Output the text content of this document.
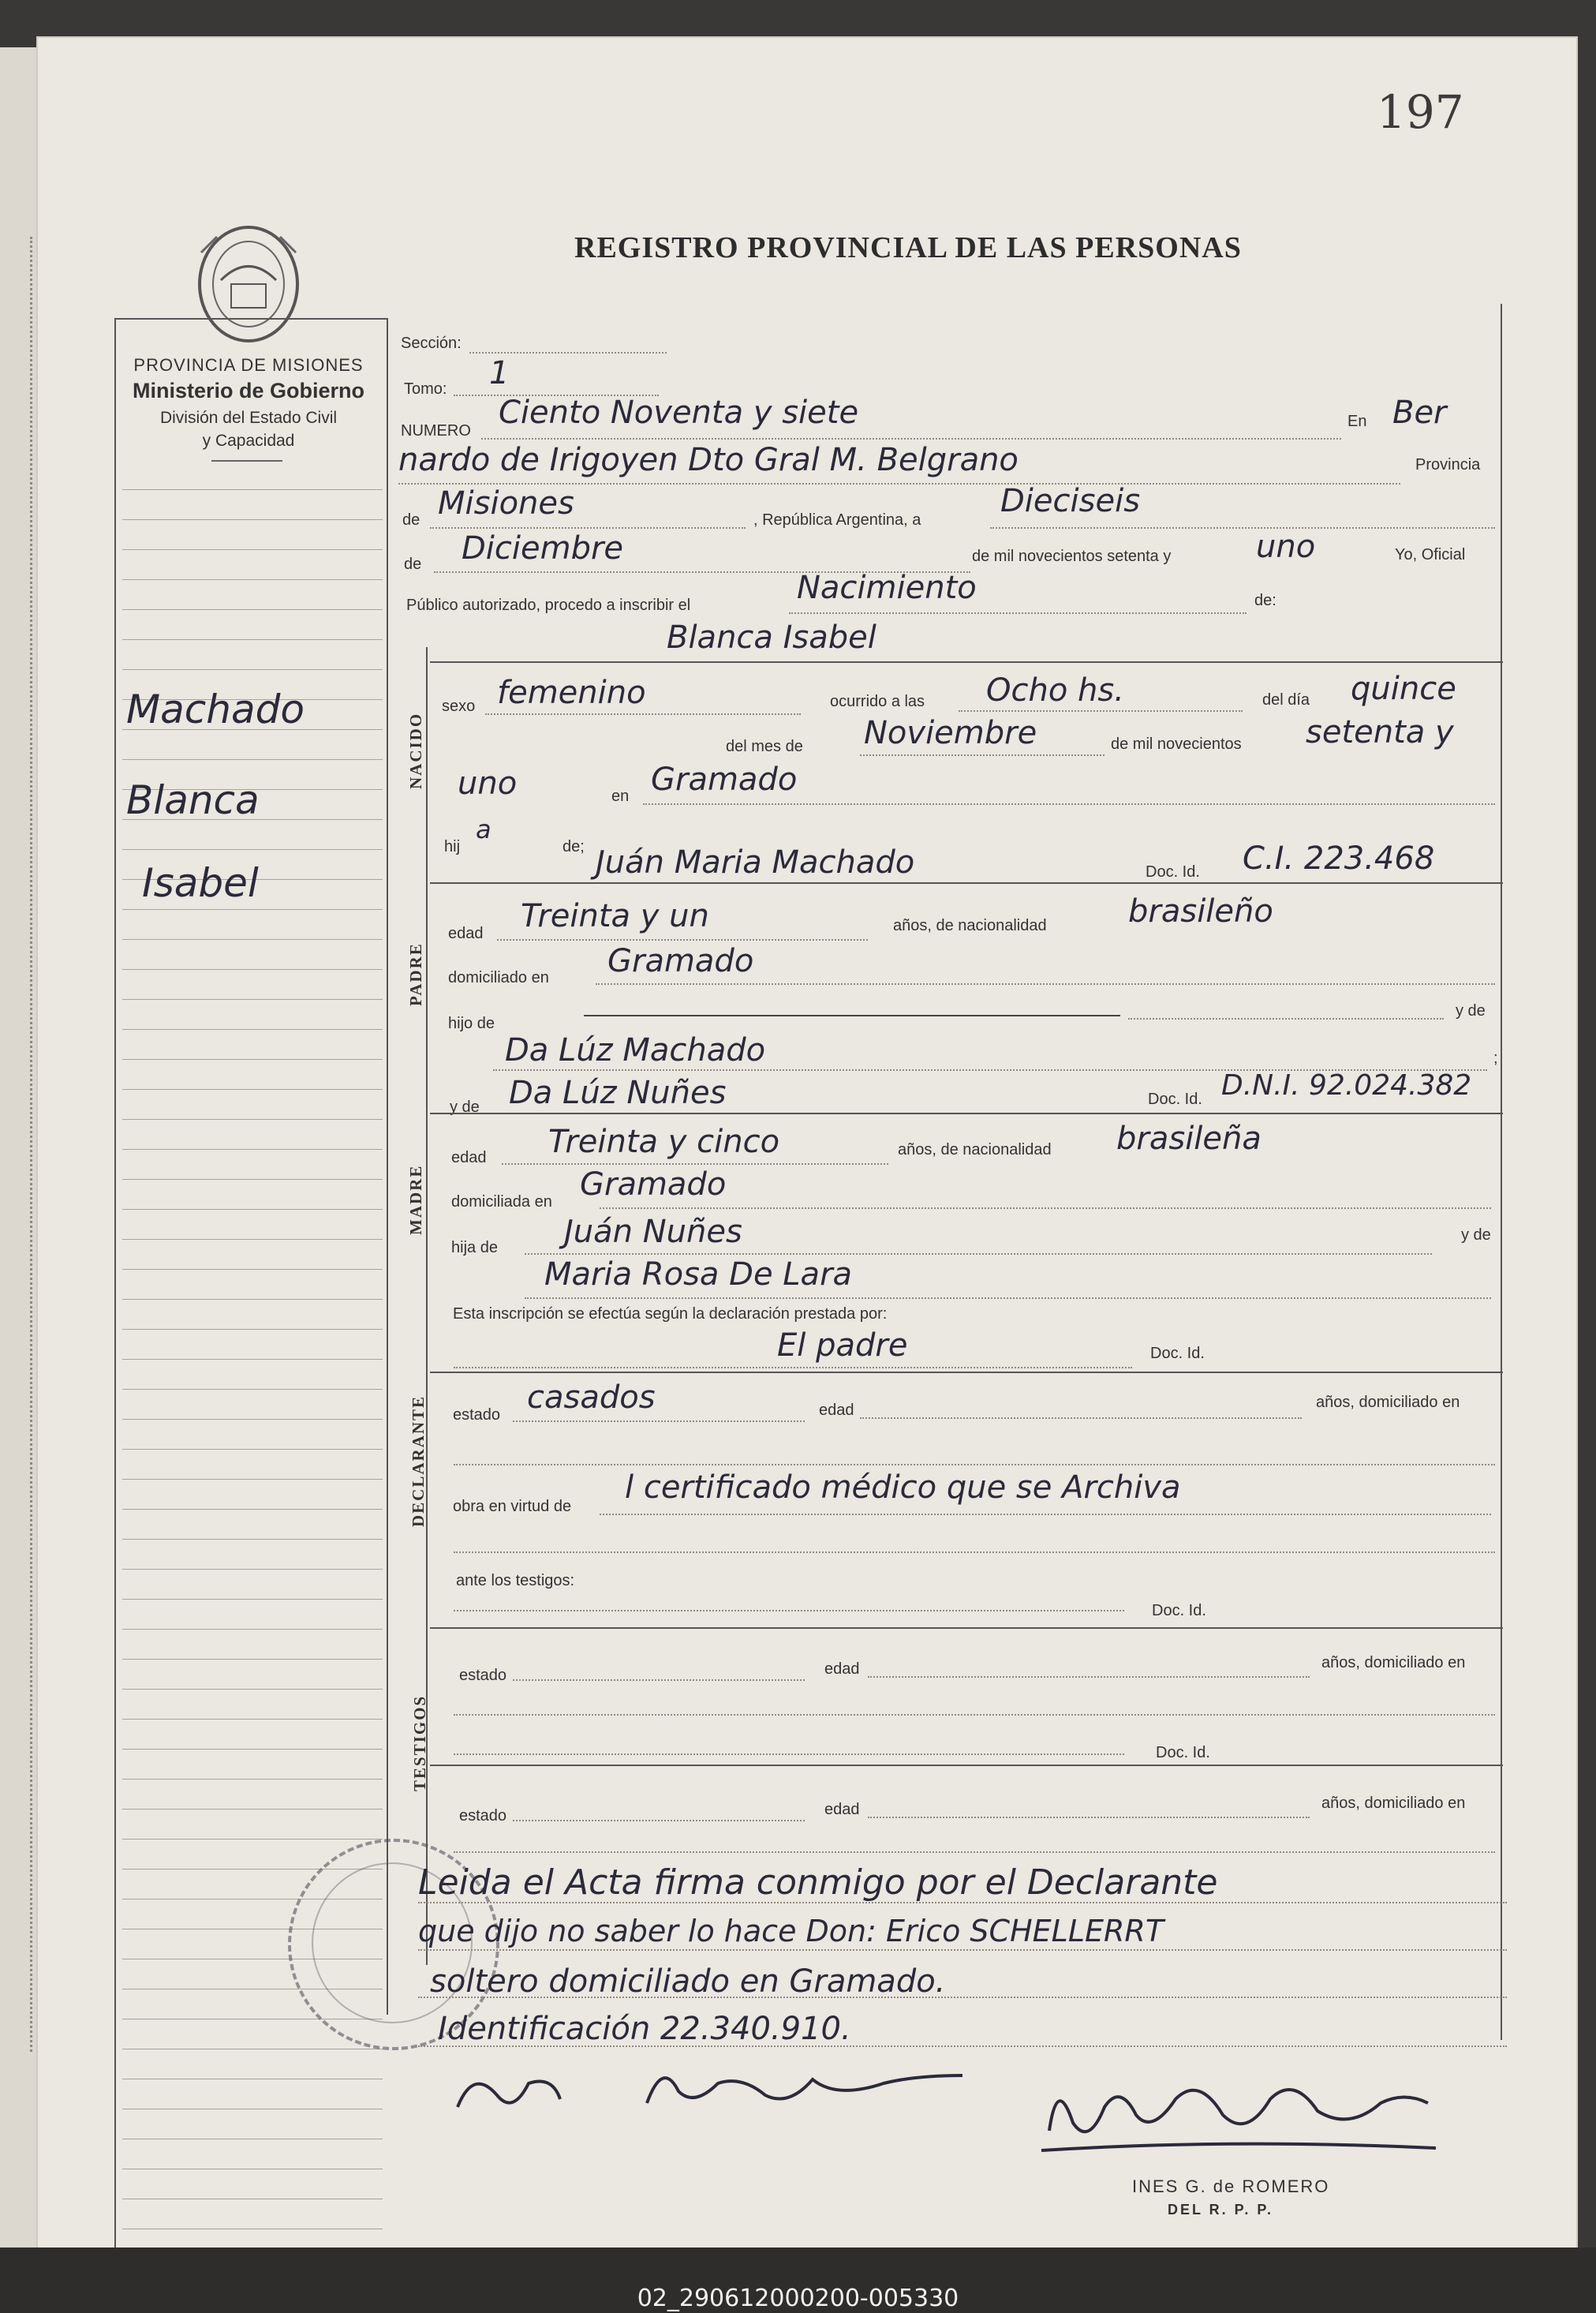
197
REGISTRO PROVINCIAL DE LAS PERSONAS
PROVINCIA DE MISIONES
Ministerio de Gobierno
División del Estado Civil
y Capacidad
Machado
Blanca
Isabel
Sección:
Tomo: 1
NUMERO Ciento Noventa y siete	En Ber
nardo de Irigoyen Dto Gral M. Belgrano	Provincia
de Misiones	, República Argentina, a
Dieciseis
de Diciembre	de mil novecientos setenta y	uno	Yo, Oficial
Público autorizado, procedo a inscribir el	Nacimiento	de:
Blanca Isabel
NACIDO
sexo femenino	ocurrido a las Ocho hs.	del día quince
del mes de Noviembre	de mil novecientos setenta y
uno	en Gramado
hij
a
de; Juán Maria Machado	Doc. Id. C.I. 223.468
PADRE
edad Treinta y un	años, de nacionalidad	brasileño
domiciliado en Gramado
hijo de
y de
Da Lúz Machado	;
y de Da Lúz Nuñes	Doc. Id. D.N.I. 92.024.382
MADRE
edad Treinta y cinco	años, de nacionalidad brasileña
domiciliada en Gramado
hija de Juán Nuñes	y de
Maria Rosa De Lara
Esta inscripción se efectúa según la declaración prestada por:
El padre	Doc. Id.
DECLARANTE estado casados	edad	años, domiciliado en
obra en virtud de
l certificado médico que se Archiva
ante los testigos:
Doc. Id.
TESTIGOS
estado	edad	años, domiciliado en
Doc. Id.
estado	edad	años, domiciliado en
Leida el Acta firma conmigo por el Declarante
que dijo no saber lo hace Don: Erico SCHELLERRT
soltero domiciliado en Gramado.
Identificación 22.340.910.
INES G. de ROMERO
DEL R. P. P.
02_290612000200-005330
